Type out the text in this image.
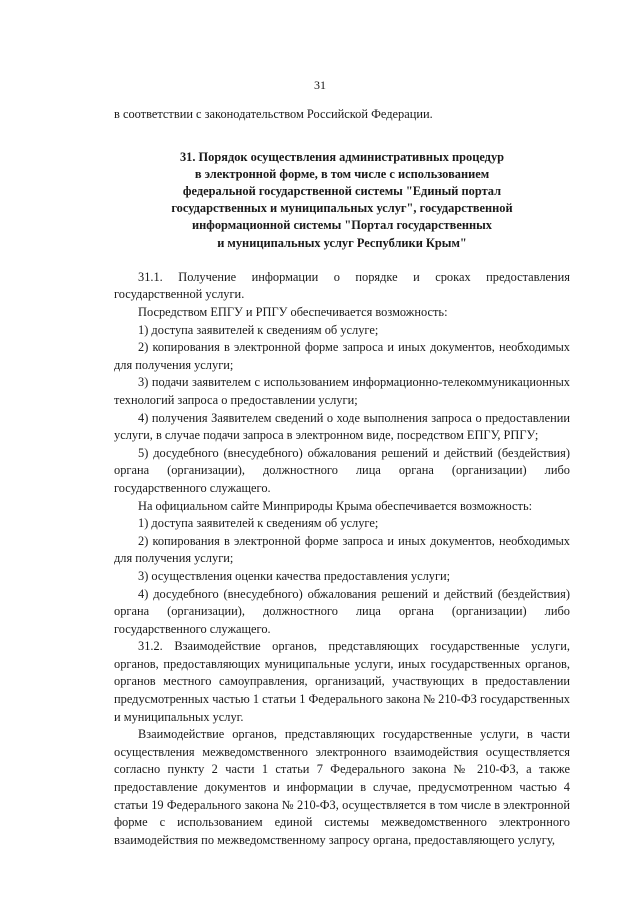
31

в соответствии с законодательством Российской Федерации.

31. Порядок осуществления административных процедур
в электронной форме, в том числе с использованием
федеральной государственной системы "Единый портал
государственных и муниципальных услуг", государственной
информационной системы "Портал государственных
и муниципальных услуг Республики Крым"

31.1. Получение информации о порядке и сроках предоставления государственной услуги.

Посредством ЕПГУ и РПГУ обеспечивается возможность:

1) доступа заявителей к сведениям об услуге;

2) копирования в электронной форме запроса и иных документов, необходимых для получения услуги;

3) подачи заявителем с использованием информационно-телекоммуникационных технологий запроса о предоставлении услуги;

4) получения Заявителем сведений о ходе выполнения запроса о предоставлении услуги, в случае подачи запроса в электронном виде, посредством ЕПГУ, РПГУ;

5) досудебного (внесудебного) обжалования решений и действий (бездействия) органа (организации), должностного лица органа (организации) либо государственного служащего.

На официальном сайте Минприроды Крыма обеспечивается возможность:

1) доступа заявителей к сведениям об услуге;

2) копирования в электронной форме запроса и иных документов, необходимых для получения услуги;

3) осуществления оценки качества предоставления услуги;

4) досудебного (внесудебного) обжалования решений и действий (бездействия) органа (организации), должностного лица органа (организации) либо государственного служащего.

31.2. Взаимодействие органов, представляющих государственные услуги, органов, предоставляющих муниципальные услуги, иных государственных органов, органов местного самоуправления, организаций, участвующих в предоставлении предусмотренных частью 1 статьи 1 Федерального закона № 210-ФЗ государственных и муниципальных услуг.

Взаимодействие органов, представляющих государственные услуги, в части осуществления межведомственного электронного взаимодействия осуществляется согласно пункту 2 части 1 статьи 7 Федерального закона № 210-ФЗ, а также предоставление документов и информации в случае, предусмотренном частью 4 статьи 19 Федерального закона № 210-ФЗ, осуществляется в том числе в электронной форме с использованием единой системы межведомственного электронного взаимодействия по межведомственному запросу органа, предоставляющего услугу,
